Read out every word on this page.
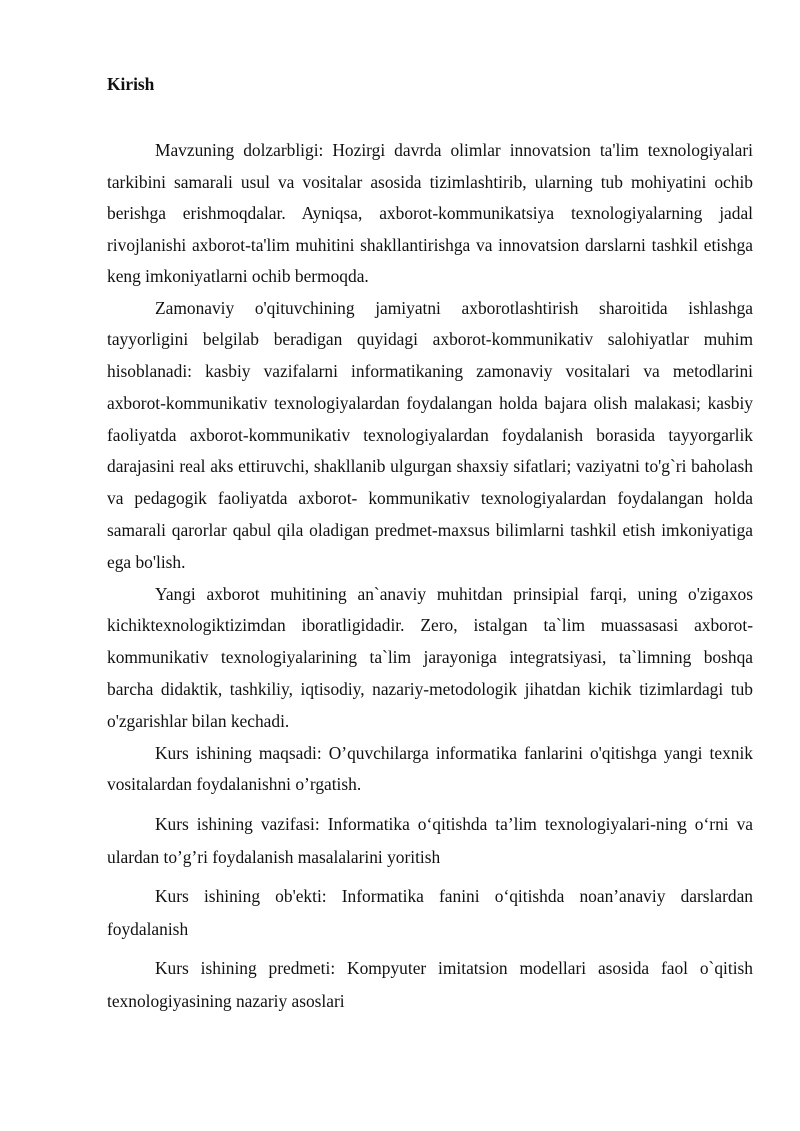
Kirish

Mavzuning dolzarbligi: Hozirgi davrda olimlar innovatsion ta'lim texnologiyalari tarkibini samarali usul va vositalar asosida tizimlashtirib, ularning tub mohiyatini ochib berishga erishmoqdalar. Ayniqsa, axborot-kommunikatsiya texnologiyalarning jadal rivojlanishi axborot-ta'lim muhitini shakllantirishga va innovatsion darslarni tashkil etishga keng imkoniyatlarni ochib bermoqda.

Zamonaviy o'qituvchining jamiyatni axborotlashtirish sharoitida ishlashga tayyorligini belgilab beradigan quyidagi axborot-kommunikativ salohiyatlar muhim hisoblanadi: kasbiy vazifalarni informatikaning zamonaviy vositalari va metodlarini axborot-kommunikativ texnologiyalardan foydalangan holda bajara olish malakasi; kasbiy faoliyatda axborot-kommunikativ texnologiyalardan foydalanish borasida tayyorgarlik darajasini real aks ettiruvchi, shakllanib ulgurgan shaxsiy sifatlari; vaziyatni to'g`ri baholash va pedagogik faoliyatda axborot- kommunikativ texnologiyalardan foydalangan holda samarali qarorlar qabul qila oladigan predmet-maxsus bilimlarni tashkil etish imkoniyatiga ega bo'lish.

Yangi axborot muhitining an`anaviy muhitdan prinsipial farqi, uning o'zigaxos kichiktexnologiktizimdan iboratligidadir. Zero, istalgan ta`lim muassasasi axborot-kommunikativ texnologiyalarining ta`lim jarayoniga integratsiyasi, ta`limning boshqa barcha didaktik, tashkiliy, iqtisodiy, nazariy-metodologik jihatdan kichik tizimlardagi tub o'zgarishlar bilan kechadi.

Kurs ishining maqsadi: O’quvchilarga informatika fanlarini o'qitishga yangi texnik vositalardan foydalanishni o’rgatish.

Kurs ishining vazifasi: Informatika o‘qitishda ta’lim texnologiyalari-ning o‘rni va ulardan to’g’ri foydalanish masalalarini yoritish

Kurs ishining ob'ekti: Informatika fanini o‘qitishda noan’anaviy darslardan foydalanish

Kurs ishining predmeti: Kompyuter imitatsion modellari asosida faol o`qitish texnologiyasining nazariy asoslari
